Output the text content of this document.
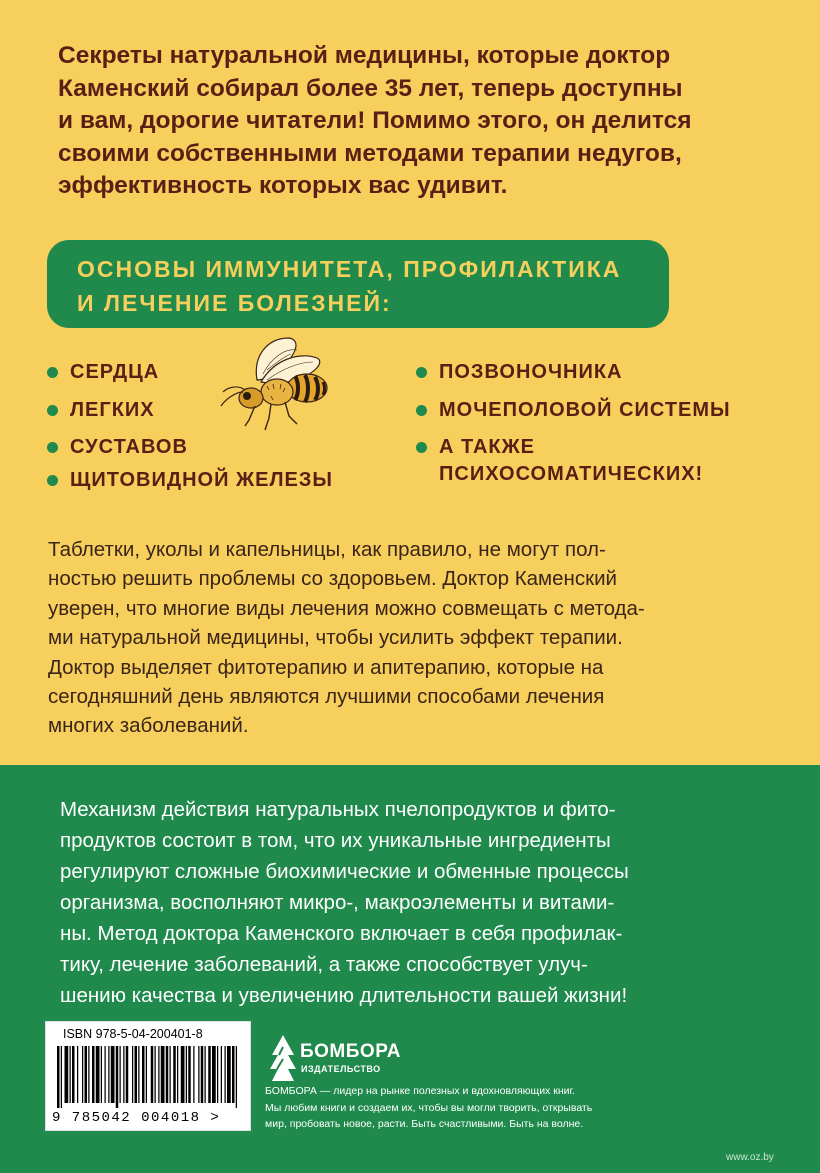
Секреты натуральной медицины, которые доктор

Каменский собирал более 35 лет, теперь доступны

и вам, дорогие читатели! Помимо этого, он делится

своими собственными методами терапии недугов,

эффективность которых вас удивит.

ОСНОВЫ ИММУНИТЕТА, ПРОФИЛАКТИКА

И ЛЕЧЕНИЕ БОЛЕЗНЕЙ:

СЕРДЦА
ЛЕГКИХ
СУСТАВОВ
ЩИТОВИДНОЙ ЖЕЛЕЗЫ
ПОЗВОНОЧНИКА
МОЧЕПОЛОВОЙ СИСТЕМЫ
А ТАКЖЕ
ПСИХОСОМАТИЧЕСКИХ!

Таблетки, уколы и капельницы, как правило, не могут пол-

ностью решить проблемы со здоровьем. Доктор Каменский

уверен, что многие виды лечения можно совмещать с метода-

ми натуральной медицины, чтобы усилить эффект терапии.

Доктор выделяет фитотерапию и апитерапию, которые на

сегодняшний день являются лучшими способами лечения

многих заболеваний.

Механизм действия натуральных пчелопродуктов и фито-

продуктов состоит в том, что их уникальные ингредиенты

регулируют сложные биохимические и обменные процессы

организма, восполняют микро-, макроэлементы и витами-

ны. Метод доктора Каменского включает в себя профилак-

тику, лечение заболеваний, а также способствует улуч-

шению качества и увеличению длительности вашей жизни!

ISBN 978-5-04-200401-8
9 785042 004018 >
БОМБОРА
ИЗДАТЕЛЬСТВО

БОМБОРА — лидер на рынке полезных и вдохновляющих книг.

Мы любим книги и создаем их, чтобы вы могли творить, открывать

мир, пробовать новое, расти. Быть счастливыми. Быть на волне.

www.oz.by
